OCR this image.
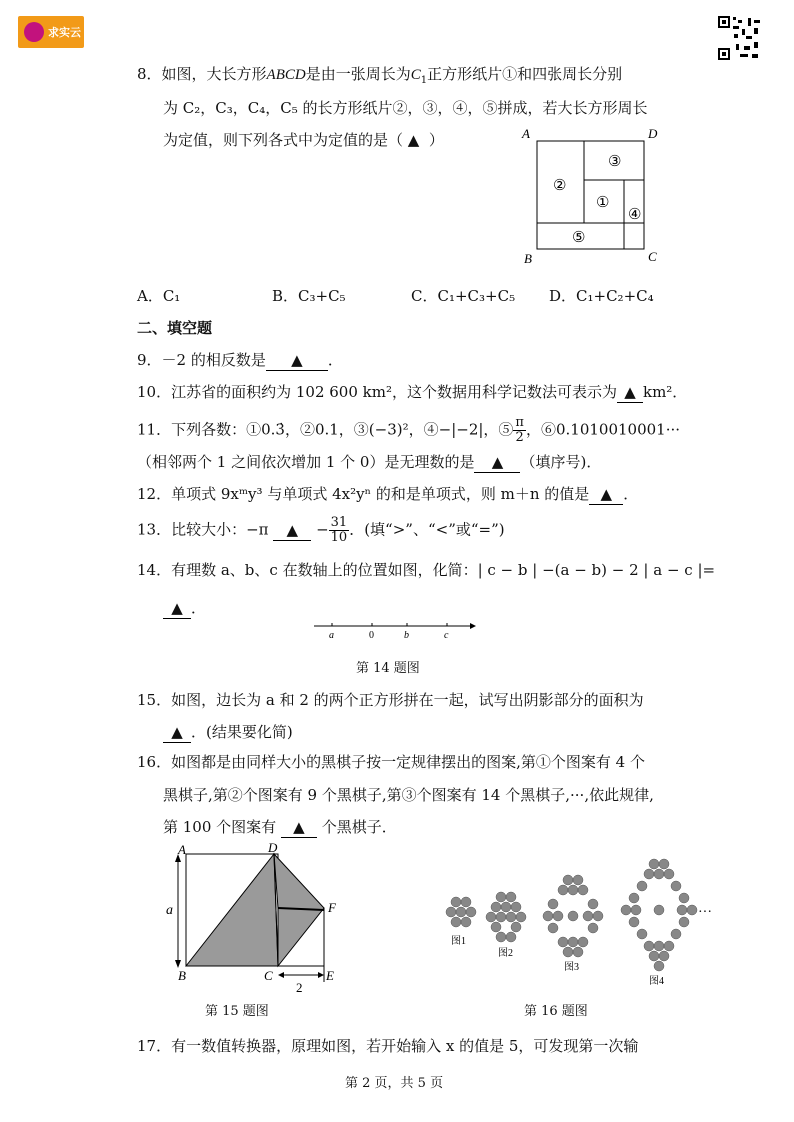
求实云
8．如图，大长方形ABCD是由一张周长为$C_1$正方形纸片①和四张周长分别
为 C₂，C₃，C₄，C₅ 的长方形纸片②，③，④，⑤拼成，若大长方形周长
为定值，则下列各式中为定值的是（ ▲ ）	A	D
B	C
①
②
③
④
⑤
A．C₁	B．C₃+C₅	C．C₁+C₃+C₅ D．C₁+C₂+C₄
二、填空题
9．－2 的相反数是 ▲ ．
10．江苏省的面积约为 102 600 km²，这个数据用科学记数法可表示为 ▲ km²．
11．下列各数：①0.3̇，②0.1，③(−3)²，④−|−2|，⑤ $\frac{\pi}{2}$ ，⑥0.1010010001···
（相邻两个 1 之间依次增加 1 个 0）是无理数的是 ▲ （填序号)．
12．单项式 9xᵐy³ 与单项式 4x²yⁿ 的和是单项式，则 m＋n 的值是 ▲ ．
13．比较大小：−π ▲ − $\frac{31}{10}$ ．(填“>”、“<”或“=”)
14．有理数 a、b、c 在数轴上的位置如图，化简：| c − b | −(a − b) − 2 | a − c |=
▲ ．
a	0	b	c
第 14 题图
15．如图，边长为 a 和 2 的两个正方形拼在一起，试写出阴影部分的面积为
▲ ．(结果要化简)
16．如图都是由同样大小的黑棋子按一定规律摆出的图案,第①个图案有 4 个
黑棋子,第②个图案有 9 个黑棋子,第③个图案有 14 个黑棋子,···,依此规律,
第 100 个图案有 ▲ 个黑棋子．
A	D
a	F
B	C	E
2
第 15 题图
图1
图2
图3
图4
···
第 16 题图
17．有一数值转换器，原理如图，若开始输入 x 的值是 5，可发现第一次输
第 2 页，共 5 页
